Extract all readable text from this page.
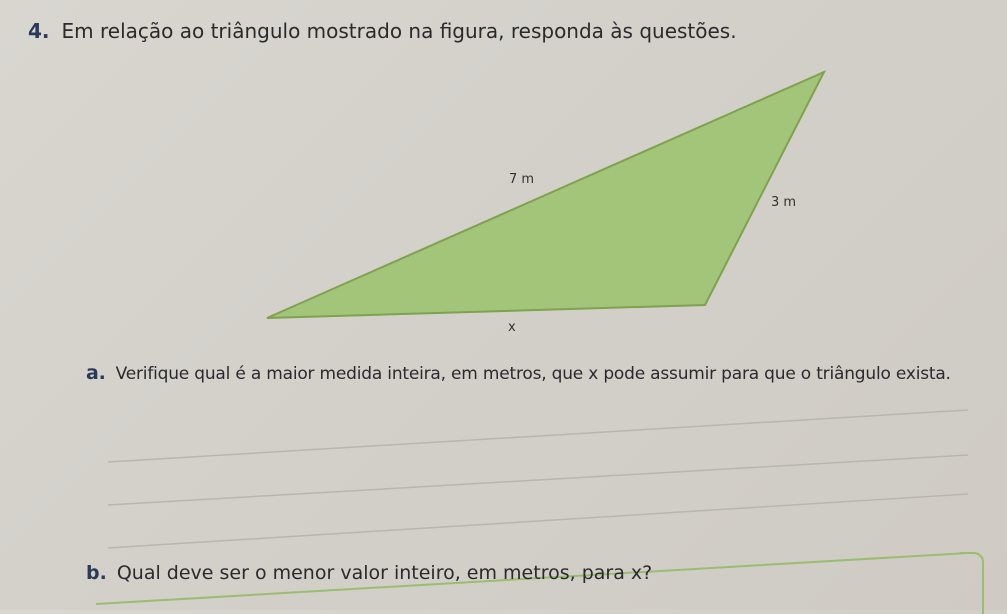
4. Em relação ao triângulo mostrado na figura, responda às questões.
7 m
3 m
x
a. Verifique qual é a maior medida inteira, em metros, que x pode assumir para que o triângulo exista.
b. Qual deve ser o menor valor inteiro, em metros, para x?
